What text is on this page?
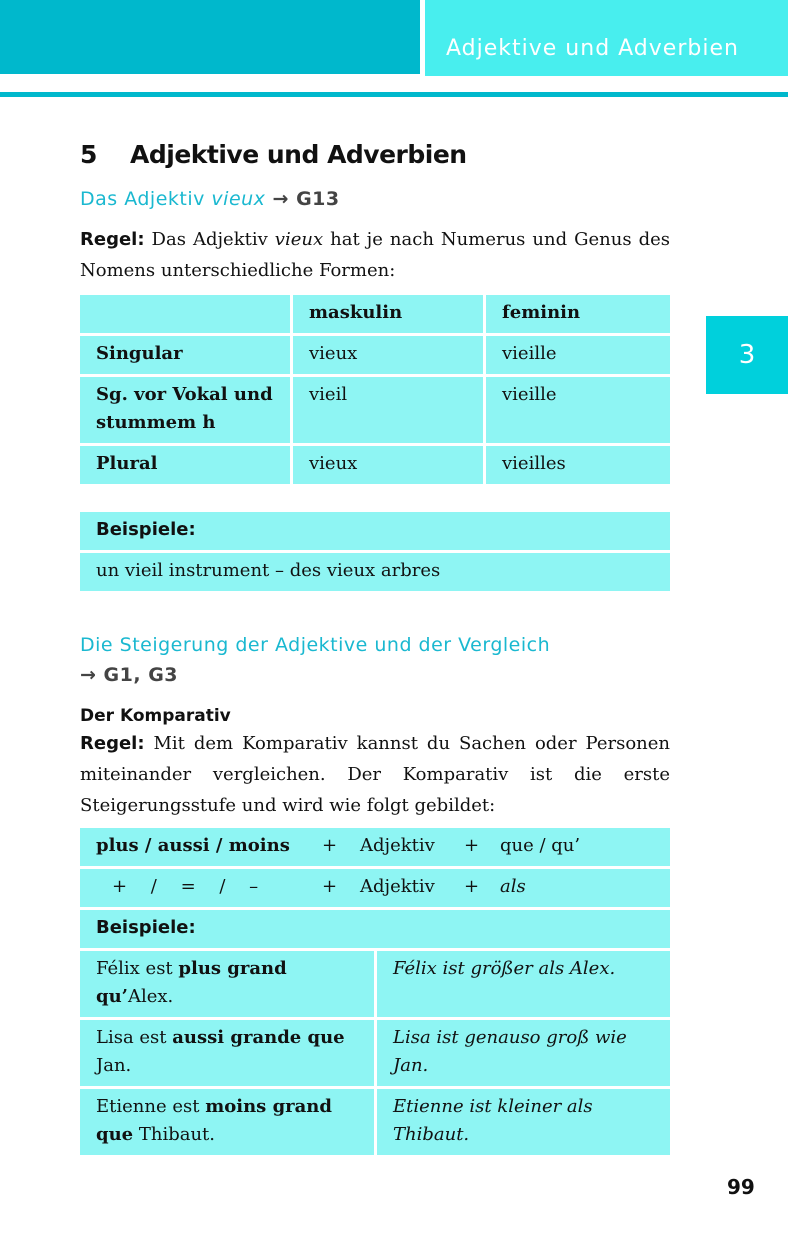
Adjektive und Adverbien
3
5 Adjektive und Adverbien
Das Adjektiv vieux → G13
Regel: Das Adjektiv vieux hat je nach Numerus und Genus des Nomens unterschiedliche Formen:
	maskulin	feminin
Singular	vieux	vieille
Sg. vor Vokal und stummem h	vieil	vieille
Plural	vieux	vieilles
Beispiele:
un vieil instrument – des vieux arbres
Die Steigerung der Adjektive und der Vergleich
→ G1, G3
Der Komparativ
Regel: Mit dem Komparativ kannst du Sachen oder Personen miteinander vergleichen. Der Komparativ ist die erste Steigerungsstufe und wird wie folgt gebildet:
plus / aussi / moins + Adjektiv + que / qu’	
+ / = / – + Adjektiv + als	
Beispiele:	
Félix est plus grand qu’Alex.	Félix ist größer als Alex.
Lisa est aussi grande que Jan.	Lisa ist genauso groß wie Jan.
Etienne est moins grand que Thibaut.	Etienne ist kleiner als Thibaut.
99
